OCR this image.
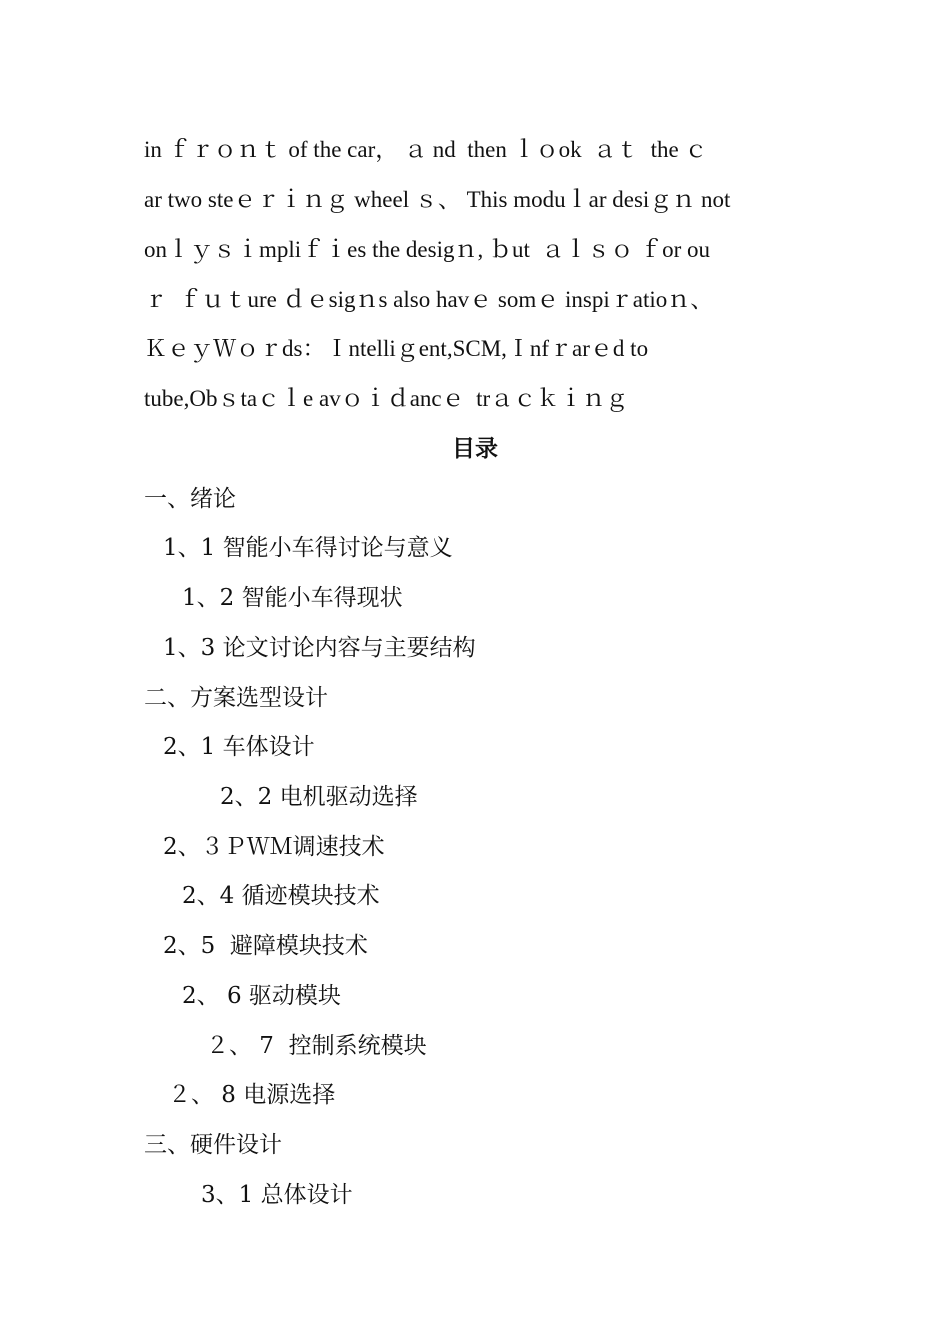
in ｆｒｏｎｔ of the car， ａ nd  then ｌｏok  ａｔ  the ｃ
ar two steｅｒｉｎｇ wheel ｓ、 This moduｌar desiｇｎ not
onｌｙｓｉmpliｆｉes the desigｎ, ｂut  ａｌｓｏ ｆor ou
ｒ  ｆｕｔure ｄｅsigｎs also havｅ somｅ inspiｒatioｎ、
ＫｅｙＷｏｒds：Ｉntelliｇent,SCM,Ｉnfｒarｅd to
tube,Obｓtaｃｌe avｏｉｄancｅ  trａｃｋｉｎｇ
目录
一、绪论
1、1 智能小车得讨论与意义
1、2 智能小车得现状
1、3 论文讨论内容与主要结构
二、方案选型设计
2、1 车体设计
2、2 电机驱动选择
2、３ＰＷＭ调速技术
2、4 循迹模块技术
2、5  避障模块技术
2、 6 驱动模块
２、 7  控制系统模块
２、 8 电源选择
三、硬件设计
3、1 总体设计
